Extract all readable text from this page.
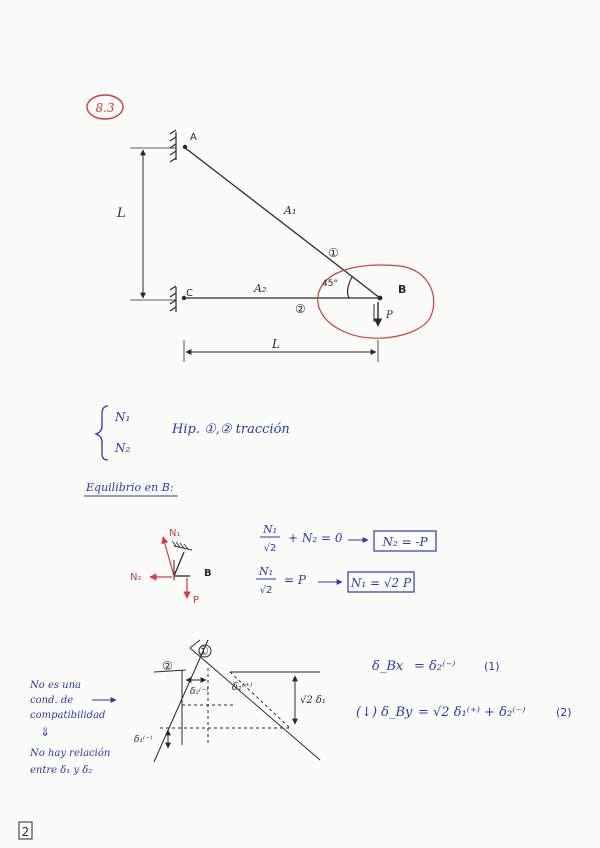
8.3
A
C	B
A₁
A₂
①
②
L
L
45°
P
N₁
N₂
Hip. ①,② tracción
Equilibrio en B:
N₁
N₂	B
P
N₁
√2
+ N₂ = 0	N₂ = -P
N₁
√2
= P	N₁ = √2 P
No es una
cond. de
compatibilidad
⇓
No hay relación
entre δ₁ y δ₂
①
②
δ₂⁽⁻⁾ δ₁⁽⁺⁾
δ₁⁽⁻⁾
√2 δ₁
δ_Bx = δ₂⁽⁻⁾	(1)
(↓) δ_By = √2 δ₁⁽⁺⁾ + δ₂⁽⁻⁾	(2)
2
